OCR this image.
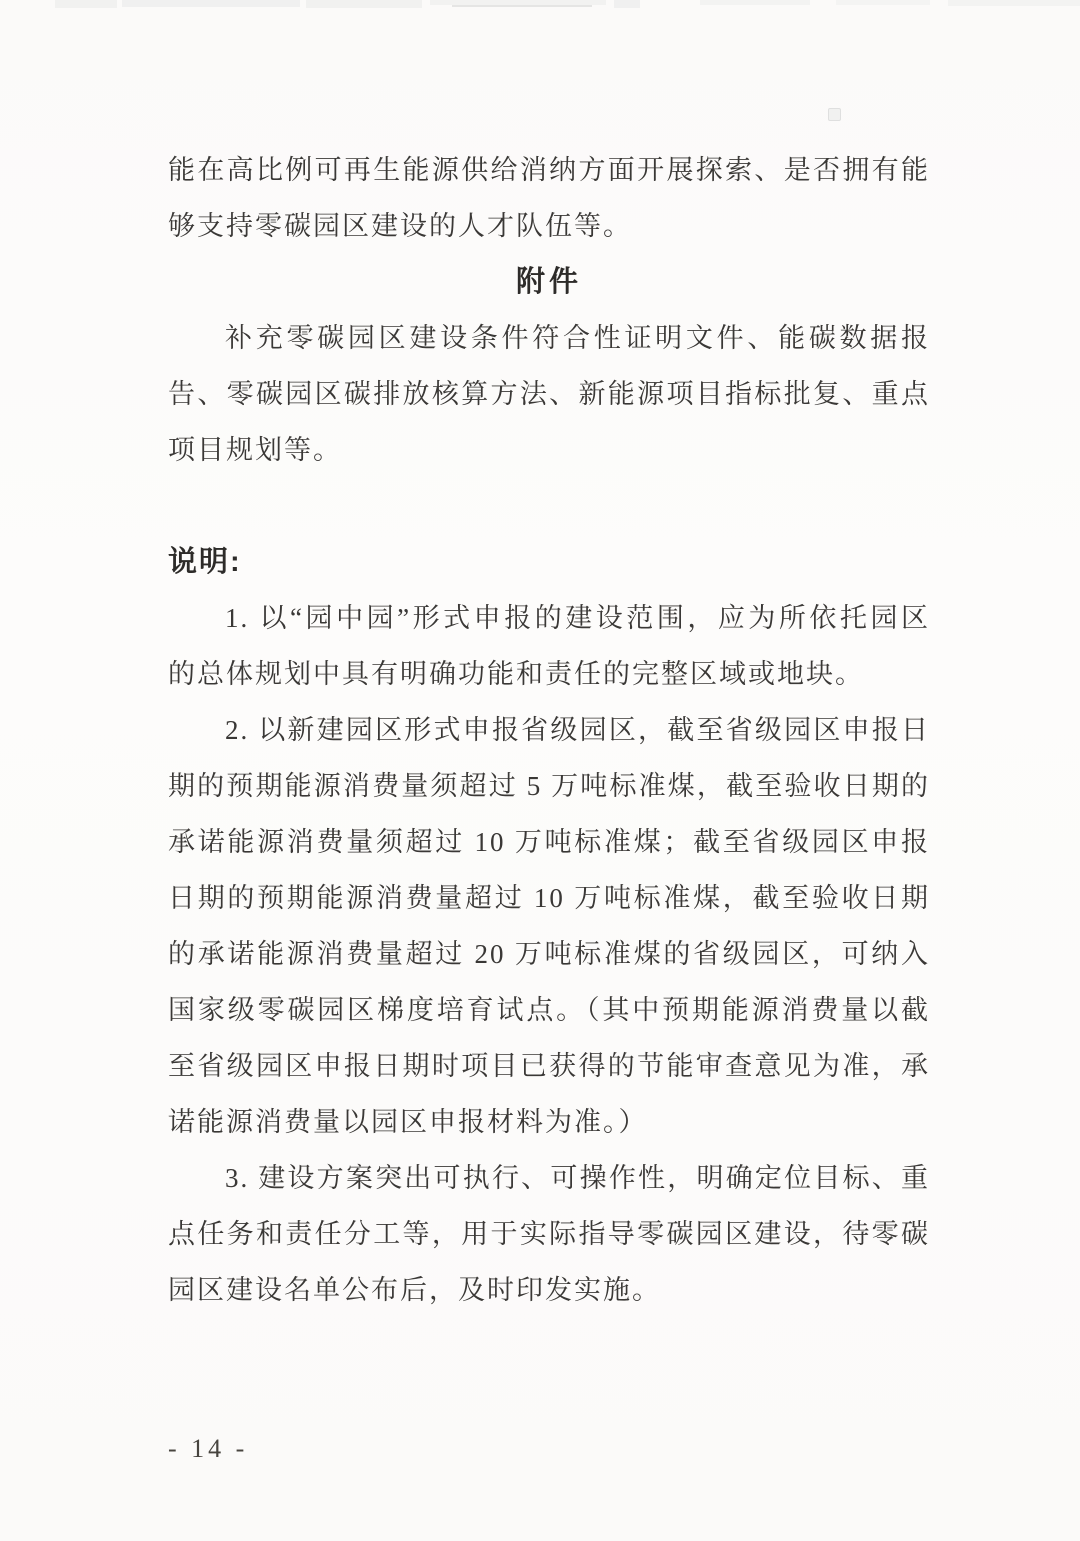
能在高比例可再生能源供给消纳方面开展探索、是否拥有能
够支持零碳园区建设的人才队伍等。
附件
补充零碳园区建设条件符合性证明文件、能碳数据报
告、零碳园区碳排放核算方法、新能源项目指标批复、重点
项目规划等。
说明:
1. 以“园中园”形式申报的建设范围，应为所依托园区
的总体规划中具有明确功能和责任的完整区域或地块。
2. 以新建园区形式申报省级园区，截至省级园区申报日
期的预期能源消费量须超过 5 万吨标准煤，截至验收日期的
承诺能源消费量须超过 10 万吨标准煤；截至省级园区申报
日期的预期能源消费量超过 10 万吨标准煤，截至验收日期
的承诺能源消费量超过 20 万吨标准煤的省级园区，可纳入
国家级零碳园区梯度培育试点。（其中预期能源消费量以截
至省级园区申报日期时项目已获得的节能审查意见为准，承
诺能源消费量以园区申报材料为准。）
3. 建设方案突出可执行、可操作性，明确定位目标、重
点任务和责任分工等，用于实际指导零碳园区建设，待零碳
园区建设名单公布后，及时印发实施。
- 14 -
